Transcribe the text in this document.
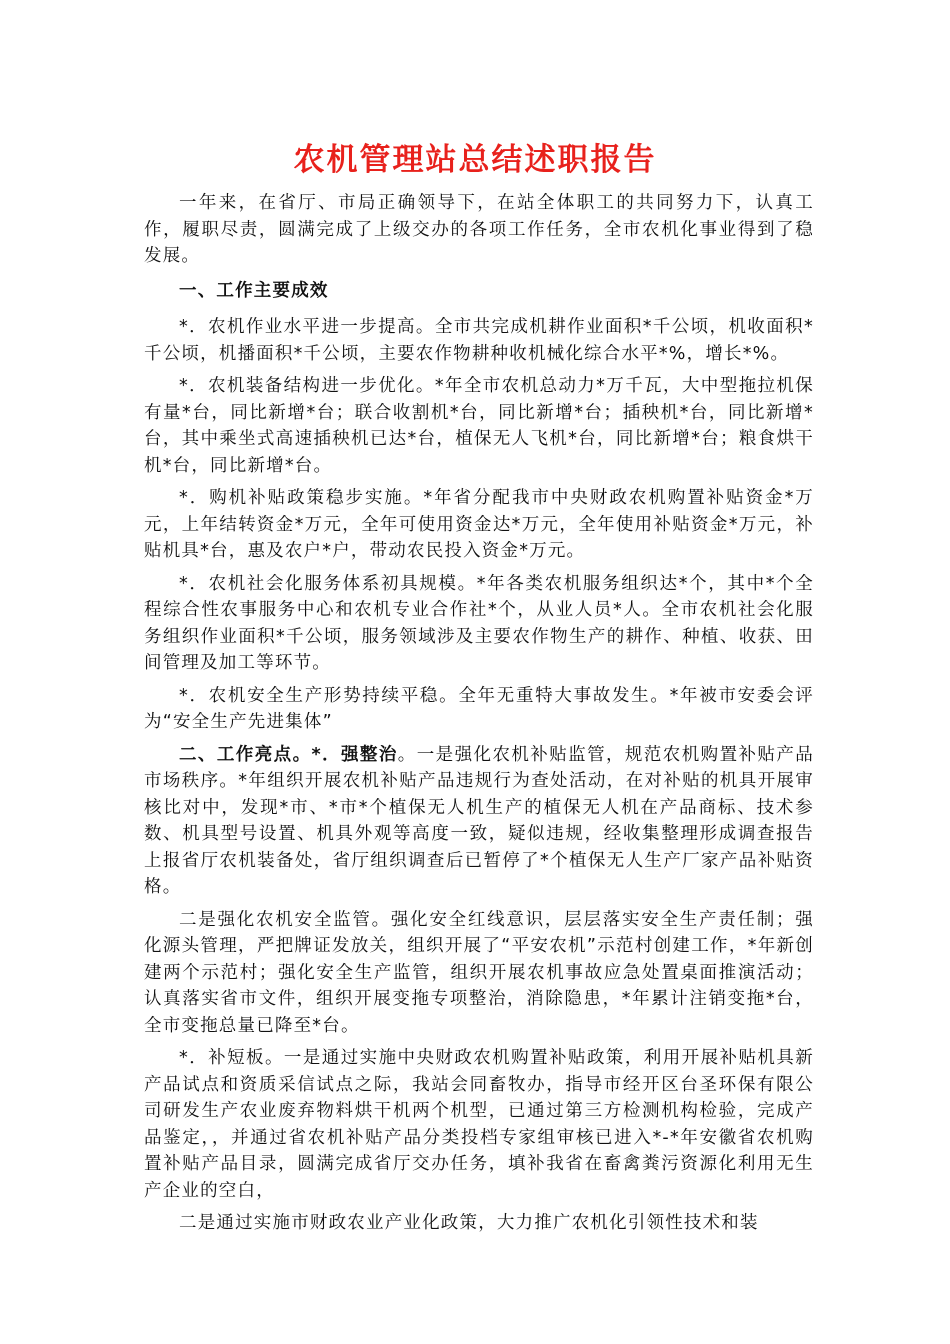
农机管理站总结述职报告

一年来，在省厅、市局正确领导下，在站全体职工的共同努力下，认真工作，履职尽责，圆满完成了上级交办的各项工作任务，全市农机化事业得到了稳发展。

一、工作主要成效

*．农机作业水平进一步提高。全市共完成机耕作业面积*千公顷，机收面积*千公顷，机播面积*千公顷，主要农作物耕种收机械化综合水平*%，增长*%。

*．农机装备结构进一步优化。*年全市农机总动力*万千瓦，大中型拖拉机保有量*台，同比新增*台；联合收割机*台，同比新增*台；插秧机*台，同比新增*台，其中乘坐式高速插秧机已达*台，植保无人飞机*台，同比新增*台；粮食烘干机*台，同比新增*台。

*．购机补贴政策稳步实施。*年省分配我市中央财政农机购置补贴资金*万元，上年结转资金*万元，全年可使用资金达*万元，全年使用补贴资金*万元，补贴机具*台，惠及农户*户，带动农民投入资金*万元。

*．农机社会化服务体系初具规模。*年各类农机服务组织达*个，其中*个全程综合性农事服务中心和农机专业合作社*个，从业人员*人。全市农机社会化服务组织作业面积*千公顷，服务领域涉及主要农作物生产的耕作、种植、收获、田间管理及加工等环节。

*．农机安全生产形势持续平稳。全年无重特大事故发生。*年被市安委会评为“安全生产先进集体”

二、工作亮点。*．强整治。一是强化农机补贴监管，规范农机购置补贴产品市场秩序。*年组织开展农机补贴产品违规行为查处活动，在对补贴的机具开展审核比对中，发现*市、*市*个植保无人机生产的植保无人机在产品商标、技术参数、机具型号设置、机具外观等高度一致，疑似违规，经收集整理形成调查报告上报省厅农机装备处，省厅组织调查后已暂停了*个植保无人生产厂家产品补贴资格。

二是强化农机安全监管。强化安全红线意识，层层落实安全生产责任制；强化源头管理，严把牌证发放关，组织开展了“平安农机”示范村创建工作，*年新创建两个示范村；强化安全生产监管，组织开展农机事故应急处置桌面推演活动；认真落实省市文件，组织开展变拖专项整治，消除隐患，*年累计注销变拖*台，全市变拖总量已降至*台。

*．补短板。一是通过实施中央财政农机购置补贴政策，利用开展补贴机具新产品试点和资质采信试点之际，我站会同畜牧办，指导市经开区台圣环保有限公司研发生产农业废弃物料烘干机两个机型，已通过第三方检测机构检验，完成产品鉴定，，并通过省农机补贴产品分类投档专家组审核已进入*-*年安徽省农机购置补贴产品目录，圆满完成省厅交办任务，填补我省在畜禽粪污资源化利用无生产企业的空白，

二是通过实施市财政农业产业化政策，大力推广农机化引领性技术和装
